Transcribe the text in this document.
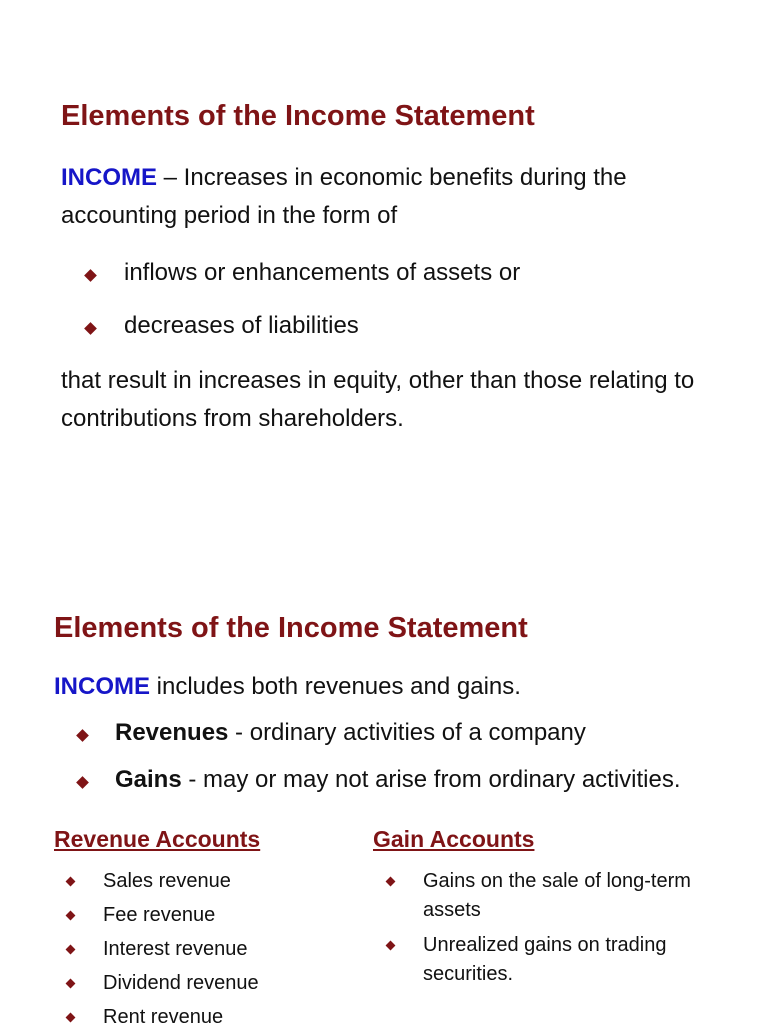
Elements of the Income Statement
INCOME – Increases in economic benefits during the accounting period in the form of
inflows or enhancements of assets or
decreases of liabilities
that result in increases in equity, other than those relating to contributions from shareholders.
Elements of the Income Statement
INCOME includes both revenues and gains.
Revenues - ordinary activities of a company
Gains - may or may not arise from ordinary activities.
Revenue Accounts
Sales revenue
Fee revenue
Interest revenue
Dividend revenue
Rent revenue
Gain Accounts
Gains on the sale of long-term assets
Unrealized gains on trading securities.
